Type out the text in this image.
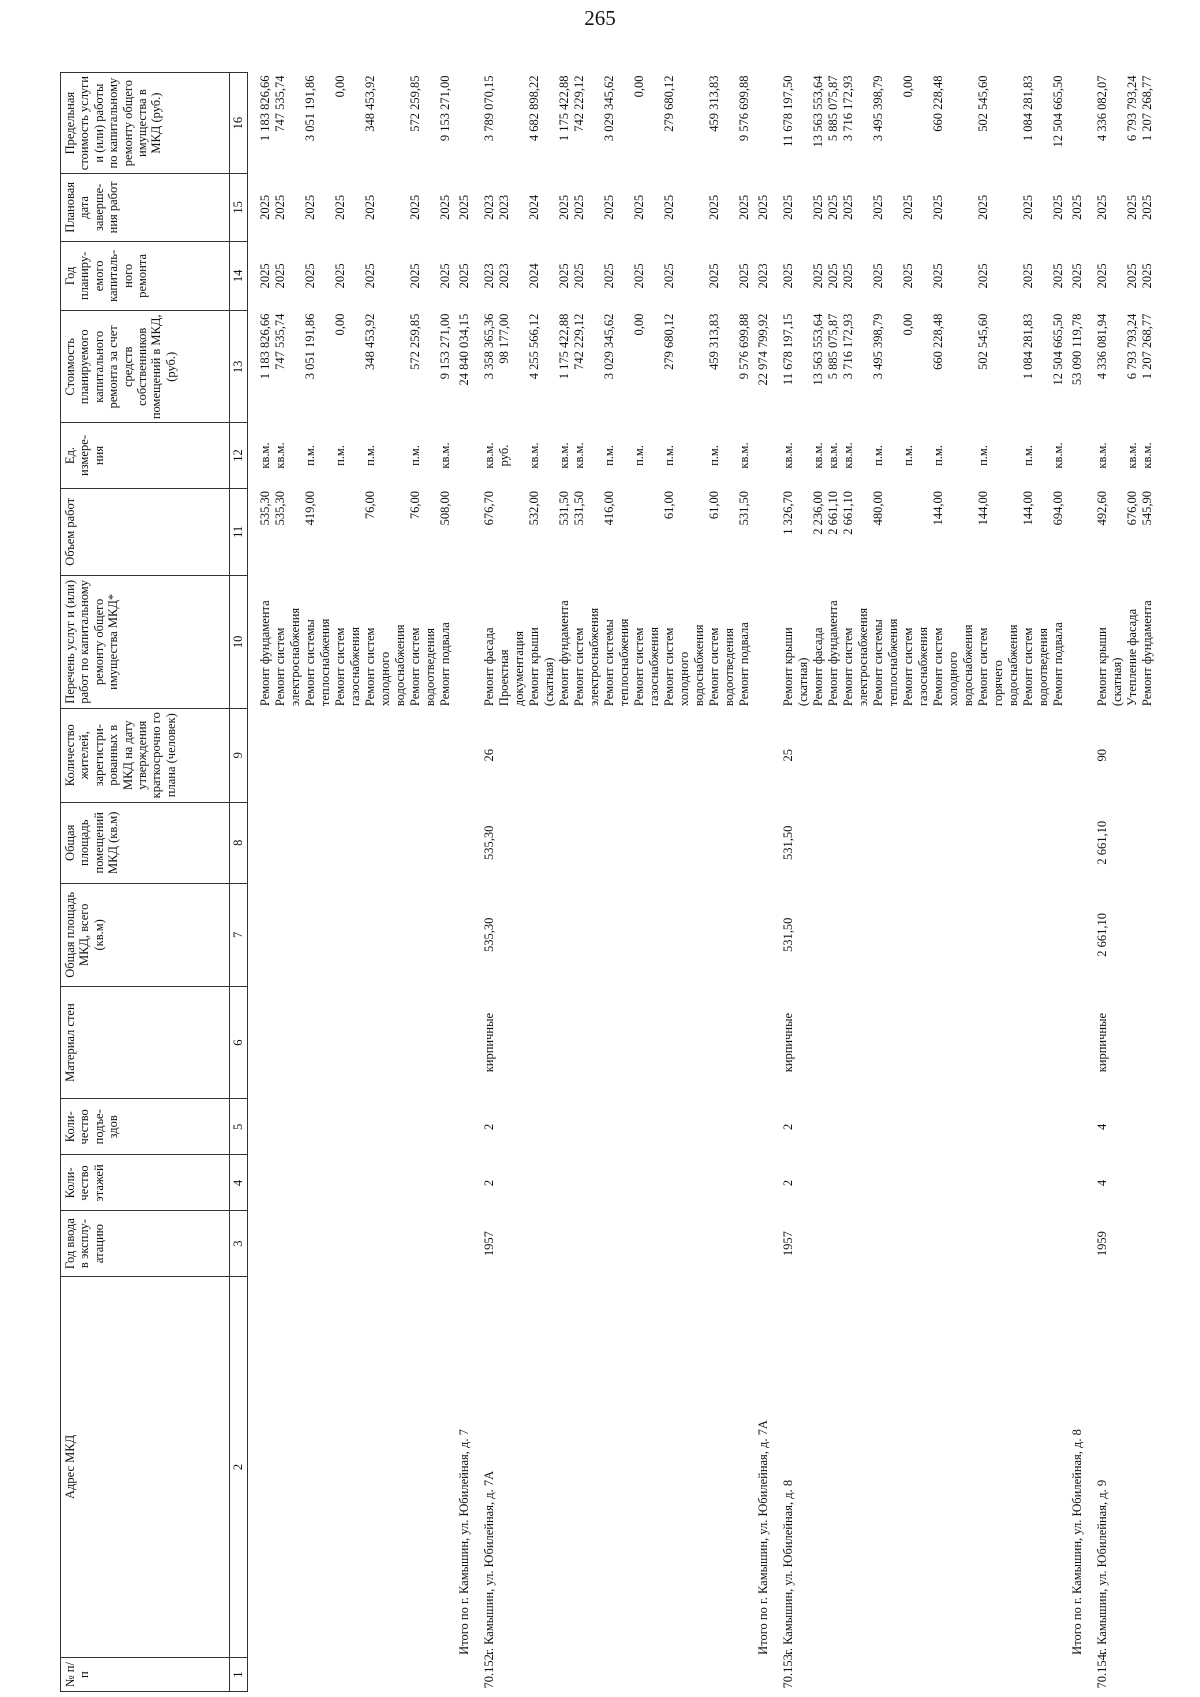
265
№ п/п	Адрес МКД	Год ввода в эксплу-атацию	Коли-чество этажей	Коли-чество подъе-здов	Материал стен	Общая площадь МКД, всего (кв.м)	Общая площадь помещений МКД (кв.м)	Количество жителей, зарегистри-рованных в МКД на дату утверждения краткосрочно го плана (человек)	Перечень услуг и (или) работ по капитальному ремонту общего имущества МКД*	Объем работ	Ед. измере-ния	Стоимость планируемого капитального ремонта за счет средств собственников помещений в МКД, (руб.)	Год планиру-емого капиталь-ного ремонта	Плановая дата заверше-ния работ	Предельная стоимость услуги и (или) работы по капитальному ремонту общего имущества в МКД (руб.)
1	2	3	4	5	6	7	8	9	10	11	12	13	14	15	16

									Ремонт фундамента	535,30	кв.м.	1 183 826,66	2025	2025	1 183 826,66
									Ремонт систем	535,30	кв.м.	747 535,74	2025	2025	747 535,74
									электроснабжения						
									Ремонт системы	419,00	п.м.	3 051 191,86	2025	2025	3 051 191,86
									теплоснабжения						
									Ремонт систем		п.м.	0,00	2025	2025	0,00
									газоснабжения						
									Ремонт систем холодного	76,00	п.м.	348 453,92	2025	2025	348 453,92
									водоснабжения						
									Ремонт систем	76,00	п.м.	572 259,85	2025	2025	572 259,85
									водоотведения						
									Ремонт подвала	508,00	кв.м.	9 153 271,00	2025	2025	9 153 271,00
	Итого по г. Камышин, ул. Юбилейная, д. 7											24 840 034,15	2025	2025	

70.152.	г. Камышин, ул. Юбилейная, д. 7А	1957	2	2	кирпичные	535,30	535,30	26	Ремонт фасада	676,70	кв.м.	3 358 365,36	2023	2023	3 789 070,15

									Проектная документация		руб.	98 177,00	2023	2023	

									Ремонт крыши (скатная)	532,00	кв.м.	4 255 566,12	2024	2024	4 682 898,22

									Ремонт фундамента	531,50	кв.м.	1 175 422,88	2025	2025	1 175 422,88
									Ремонт систем	531,50	кв.м.	742 229,12	2025	2025	742 229,12
									электроснабжения						
									Ремонт системы	416,00	п.м.	3 029 345,62	2025	2025	3 029 345,62
									теплоснабжения						
									Ремонт систем		п.м.	0,00	2025	2025	0,00
									газоснабжения						
									Ремонт систем холодного	61,00	п.м.	279 680,12	2025	2025	279 680,12
									водоснабжения						
									Ремонт систем	61,00	п.м.	459 313,83	2025	2025	459 313,83
									водоотведения						
									Ремонт подвала	531,50	кв.м.	9 576 699,88	2025	2025	9 576 699,88
	Итого по г. Камышин, ул. Юбилейная, д. 7А											22 974 799,92	2023	2025	

70.153.	г. Камышин, ул. Юбилейная, д. 8	1957	2	2	кирпичные	531,50	531,50	25	Ремонт крыши (скатная)	1 326,70	кв.м.	11 678 197,15	2025	2025	11 678 197,50
									Ремонт фасада	2 236,00	кв.м.	13 563 553,64	2025	2025	13 563 553,64
									Ремонт фундамента	2 661,10	кв.м.	5 885 075,87	2025	2025	5 885 075,87
									Ремонт систем	2 661,10	кв.м.	3 716 172,93	2025	2025	3 716 172,93
									электроснабжения						
									Ремонт системы	480,00	п.м.	3 495 398,79	2025	2025	3 495 398,79
									теплоснабжения						
									Ремонт систем		п.м.	0,00	2025	2025	0,00
									газоснабжения						
									Ремонт систем холодного	144,00	п.м.	660 228,48	2025	2025	660 228,48
									водоснабжения						
									Ремонт систем горячего	144,00	п.м.	502 545,60	2025	2025	502 545,60
									водоснабжения						
									Ремонт систем	144,00	п.м.	1 084 281,83	2025	2025	1 084 281,83
									водоотведения						
									Ремонт подвала	694,00	кв.м.	12 504 665,50	2025	2025	12 504 665,50
	Итого по г. Камышин, ул. Юбилейная, д. 8											53 090 119,78	2025	2025	

70.154.	г. Камышин, ул. Юбилейная, д. 9	1959	4	4	кирпичные	2 661,10	2 661,10	90	Ремонт крыши (скатная)	492,60	кв.м.	4 336 081,94	2025	2025	4 336 082,07
									Утепление фасада	676,00	кв.м.	6 793 793,24	2025	2025	6 793 793,24
									Ремонт фундамента	545,90	кв.м.	1 207 268,77	2025	2025	1 207 268,77
